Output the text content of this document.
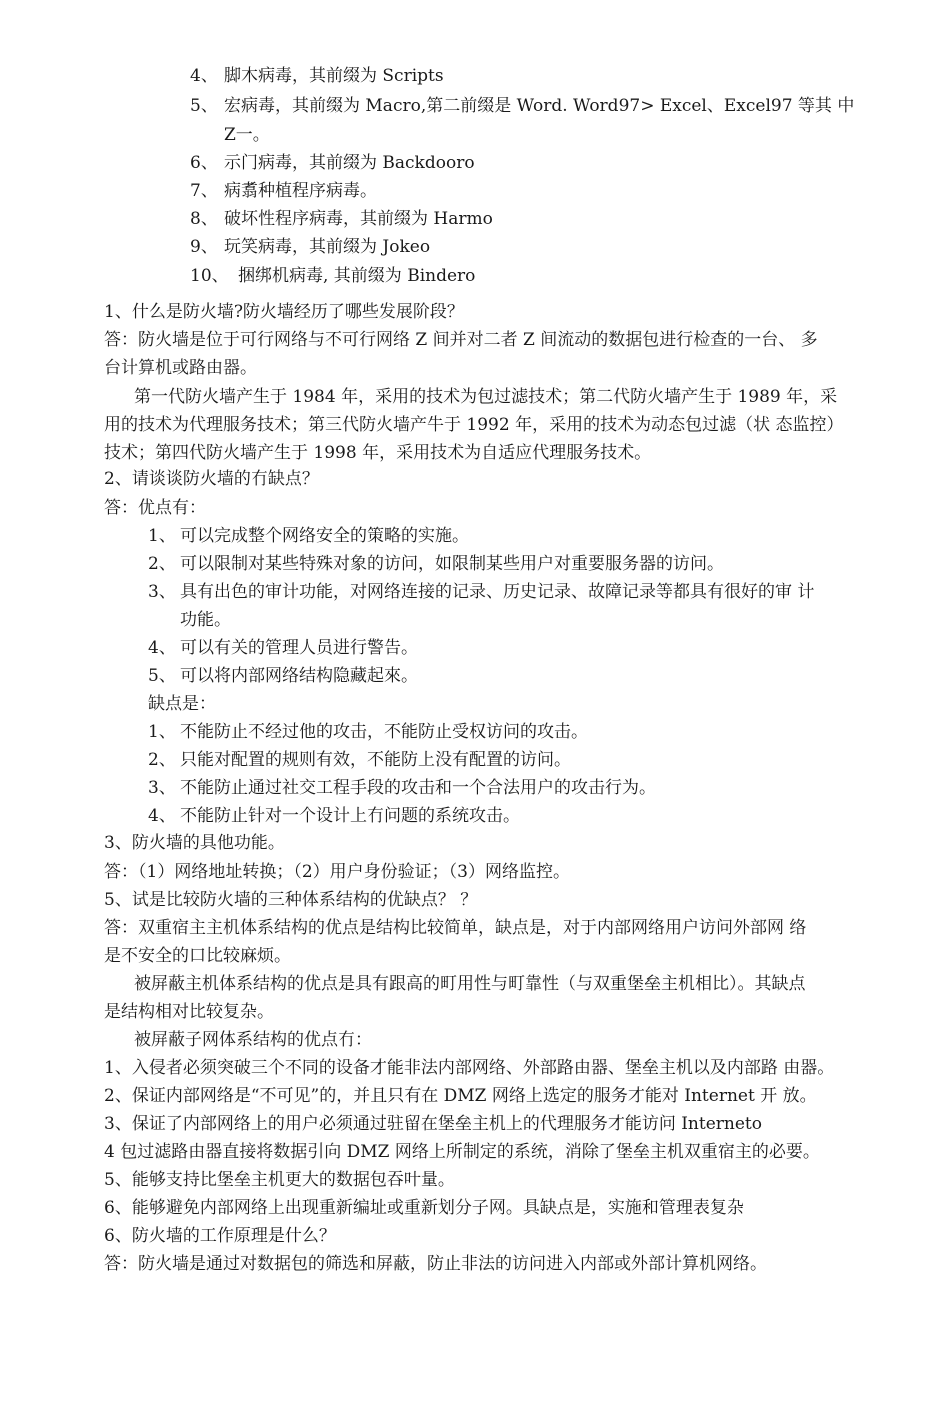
4、 脚木病毒，其前缀为 Scripts
5、 宏病毒，其前缀为 Macro,第二前缀是 Word. Word97> Excel、Excel97 等其 中
Z一。
6、 示门病毒，其前缀为 Backdooro
7、 病翥种植程序病毒。
8、 破坏性程序病毒，其前缀为 Harmo
9、 玩笑病毒，其前缀为 Jokeo
10、 捆绑机病毒, 其前缀为 Bindero
1、什么是防火墙?防火墙经历了哪些发展阶段？
答：防火墙是位于可行网络与不可行网络 Z 间并对二者 Z 间流动的数据包进行检查的一台、 多
台计算机或路由器。
第一代防火墙产生于 1984 年，采用的技术为包过滤技术；第二代防火墙产生于 1989 年，采
用的技术为代理服务技术；第三代防火墙产牛于 1992 年，采用的技术为动态包过滤（状 态监控）
技术；第四代防火墙产生于 1998 年，采用技术为自适应代理服务技术。
2、请谈谈防火墙的冇缺点？
答：优点有：
1、 可以完成整个网络安全的策略的实施。
2、 可以限制对某些特殊对象的访问，如限制某些用户对重要服务器的访问。
3、 具有出色的审计功能，对网络连接的记录、历史记录、故障记录等都具有很好的审 计
功能。
4、 可以有关的管理人员进行警告。
5、 可以将内部网络结构隐藏起來。
缺点是：
1、 不能防止不经过他的攻击，不能防止受权访问的攻击。
2、 只能对配置的规则有效，不能防上没有配置的访问。
3、 不能防止通过社交工程手段的攻击和一个合法用户的攻击行为。
4、 不能防止针对一个设计上冇问题的系统攻击。
3、防火墙的具他功能。
答：（1）网络地址转换；（2）用户身份验证；（3）网络监控。
5、试是比较防火墙的三种体系结构的优缺点？ ？
答：双重宿主主机体系结构的优点是结构比较简单，缺点是，对于内部网络用户访问外部网 络
是不安全的口比较麻烦。
被屏蔽主机体系结构的优点是具有跟高的町用性与町靠性（与双重堡垒主机相比）。其缺点
是结构相对比较复杂。
被屏蔽子网体系结构的优点冇：
1、入侵者必须突破三个不同的设备才能非法内部网络、外部路由器、堡垒主机以及内部路 由器。
2、保证内部网络是“不可见”的，并且只有在 DMZ 网络上选定的服务才能对 Internet 开 放。
3、保证了内部网络上的用户必须通过驻留在堡垒主机上的代理服务才能访问 Interneto
4 包过滤路由器直接将数据引向 DMZ 网络上所制定的系统，消除了堡垒主机双重宿主的必要。
5、能够支持比堡垒主机更大的数据包吞叶量。
6、能够避免内部网络上出现重新编址或重新划分子网。具缺点是，实施和管理表复杂
6、防火墙的工作原理是什么？
答：防火墙是通过对数据包的筛选和屏蔽，防止非法的访问进入内部或外部计算机网络。
